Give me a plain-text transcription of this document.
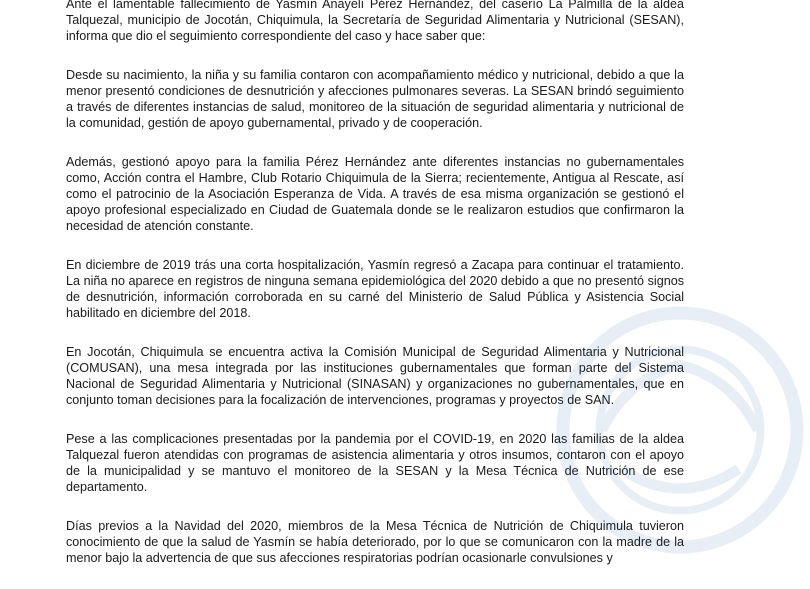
Ante el lamentable fallecimiento de Yasmín Anayelí Pérez Hernández, del caserío La Palmilla de la aldea Talquezal, municipio de Jocotán, Chiquimula, la Secretaría de Seguridad Alimentaria y Nutricional (SESAN), informa que dio el seguimiento correspondiente del caso y hace saber que:

Desde su nacimiento, la niña y su familia contaron con acompañamiento médico y nutricional, debido a que la menor presentó condiciones de desnutrición y afecciones pulmonares severas. La SESAN brindó seguimiento a través de diferentes instancias de salud, monitoreo de la situación de seguridad alimentaria y nutricional de la comunidad, gestión de apoyo gubernamental, privado y de cooperación.

Además, gestionó apoyo para la familia Pérez Hernández ante diferentes instancias no gubernamentales como, Acción contra el Hambre, Club Rotario Chiquimula de la Sierra; recientemente, Antigua al Rescate, así como el patrocinio de la Asociación Esperanza de Vida. A través de esa misma organización se gestionó el apoyo profesional especializado en Ciudad de Guatemala donde se le realizaron estudios que confirmaron la necesidad de atención constante.

En diciembre de 2019 trás una corta hospitalización, Yasmín regresó a Zacapa para continuar el tratamiento. La niña no aparece en registros de ninguna semana epidemiológica del 2020 debido a que no presentó signos de desnutrición, información corroborada en su carné del Ministerio de Salud Pública y Asistencia Social habilitado en diciembre del 2018.

En Jocotán, Chiquimula se encuentra activa la Comisión Municipal de Seguridad Alimentaria y Nutricional (COMUSAN), una mesa integrada por las instituciones gubernamentales que forman parte del Sistema Nacional de Seguridad Alimentaria y Nutricional (SINASAN) y organizaciones no gubernamentales, que en conjunto toman decisiones para la focalización de intervenciones, programas y proyectos de SAN.

Pese a las complicaciones presentadas por la pandemia por el COVID-19, en 2020 las familias de la aldea Talquezal fueron atendidas con programas de asistencia alimentaria y otros insumos, contaron con el apoyo de la municipalidad y se mantuvo el monitoreo de la SESAN y la Mesa Técnica de Nutrición de ese departamento.

Días previos a la Navidad del 2020, miembros de la Mesa Técnica de Nutrición de Chiquimula tuvieron conocimiento de que la salud de Yasmín se había deteriorado, por lo que se comunicaron con la madre de la menor bajo la advertencia de que sus afecciones respiratorias podrían ocasionarle convulsiones y
